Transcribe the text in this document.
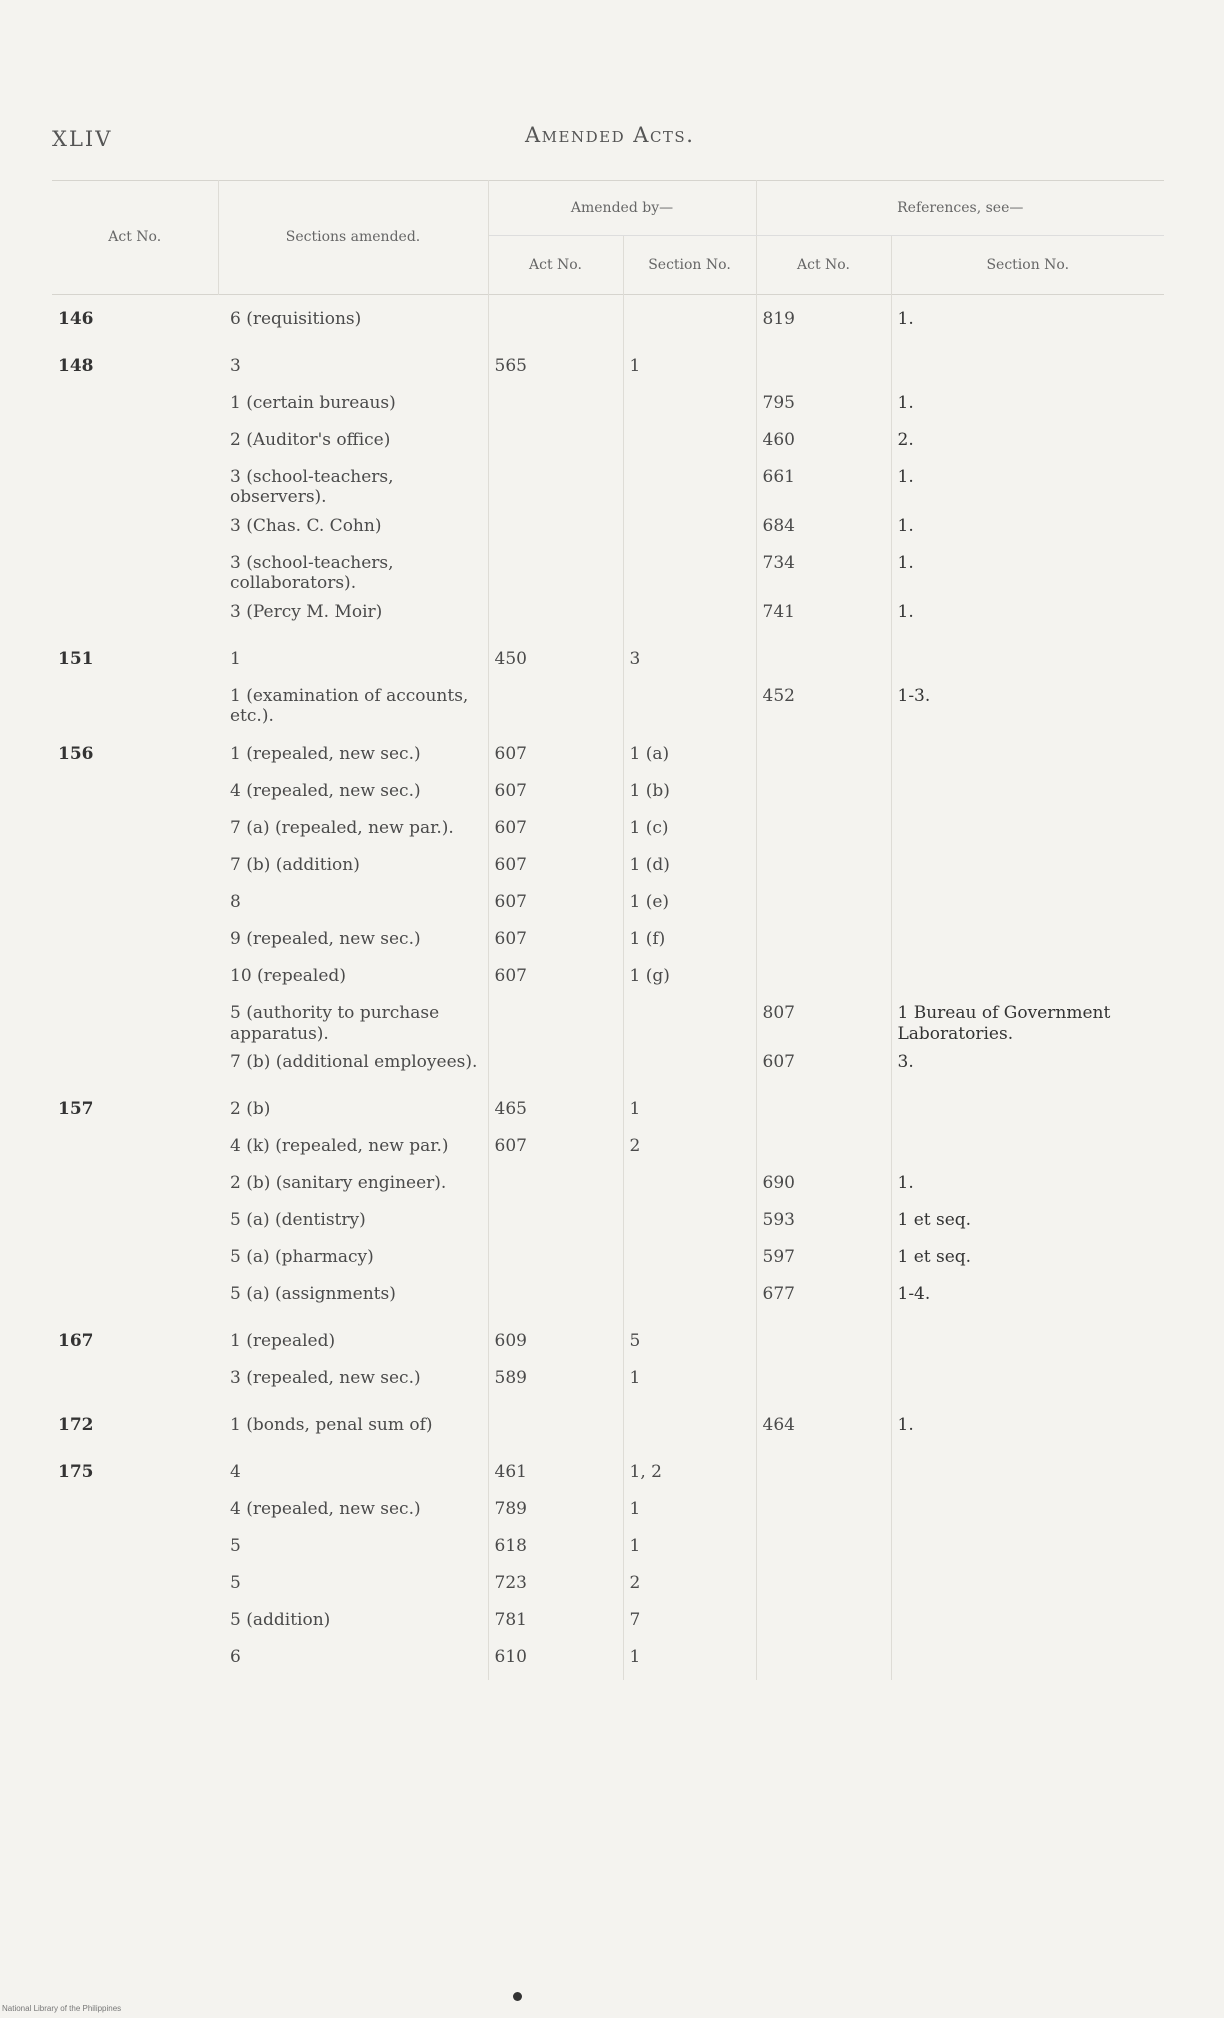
XLIV	Amended Acts.
Act No.	Sections amended.	Amended by—		References, see—	
		Act No.	Section No.	Act No.	Section No.
146	6 (requisitions)			819	1.
148	3	565	1		
	1 (certain bureaus)			795	1.
	2 (Auditor's office)			460	2.
	3 (school-teachers, observers).			661	1.
	3 (Chas. C. Cohn)			684	1.
	3 (school-teachers, collaborators).			734	1.
	3 (Percy M. Moir)			741	1.
151	1	450	3		
	1 (examination of accounts, etc.).			452	1-3.
156	1 (repealed, new sec.)	607	1 (a)		
	4 (repealed, new sec.)	607	1 (b)		
	7 (a) (repealed, new par.).	607	1 (c)		
	7 (b) (addition)	607	1 (d)		
	8	607	1 (e)		
	9 (repealed, new sec.)	607	1 (f)		
	10 (repealed)	607	1 (g)		
	5 (authority to purchase apparatus).			807	1 Bureau of Government Laboratories.
	7 (b) (additional employees).			607	3.
157	2 (b)	465	1		
	4 (k) (repealed, new par.)	607	2		
	2 (b) (sanitary engineer).			690	1.
	5 (a) (dentistry)			593	1 et seq.
	5 (a) (pharmacy)			597	1 et seq.
	5 (a) (assignments)			677	1-4.
167	1 (repealed)	609	5		
	3 (repealed, new sec.)	589	1		
172	1 (bonds, penal sum of)			464	1.
175	4	461	1, 2		
	4 (repealed, new sec.)	789	1		
	5	618	1		
	5	723	2		
	5 (addition)	781	7		
	6	610	1		
National Library of the Philippines
